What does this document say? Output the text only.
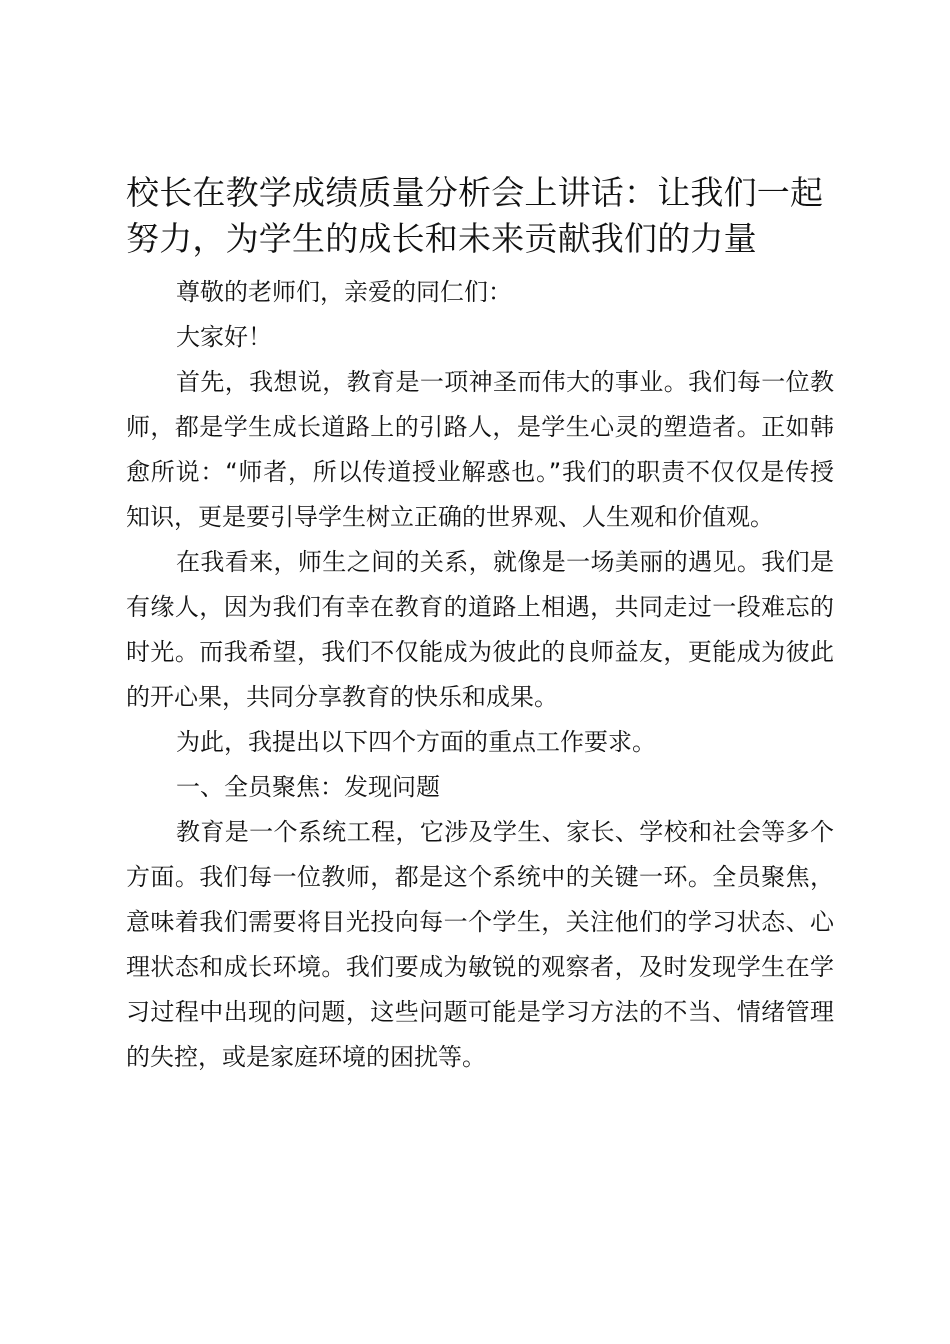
校长在教学成绩质量分析会上讲话：让我们一起努力，为学生的成长和未来贡献我们的力量

尊敬的老师们，亲爱的同仁们：

大家好！

首先，我想说，教育是一项神圣而伟大的事业。我们每一位教师，都是学生成长道路上的引路人，是学生心灵的塑造者。正如韩愈所说：“师者，所以传道授业解惑也。”我们的职责不仅仅是传授知识，更是要引导学生树立正确的世界观、人生观和价值观。

在我看来，师生之间的关系，就像是一场美丽的遇见。我们是有缘人，因为我们有幸在教育的道路上相遇，共同走过一段难忘的时光。而我希望，我们不仅能成为彼此的良师益友，更能成为彼此的开心果，共同分享教育的快乐和成果。

为此，我提出以下四个方面的重点工作要求。

一、全员聚焦：发现问题

教育是一个系统工程，它涉及学生、家长、学校和社会等多个方面。我们每一位教师，都是这个系统中的关键一环。全员聚焦，意味着我们需要将目光投向每一个学生，关注他们的学习状态、心理状态和成长环境。我们要成为敏锐的观察者，及时发现学生在学习过程中出现的问题，这些问题可能是学习方法的不当、情绪管理的失控，或是家庭环境的困扰等。
